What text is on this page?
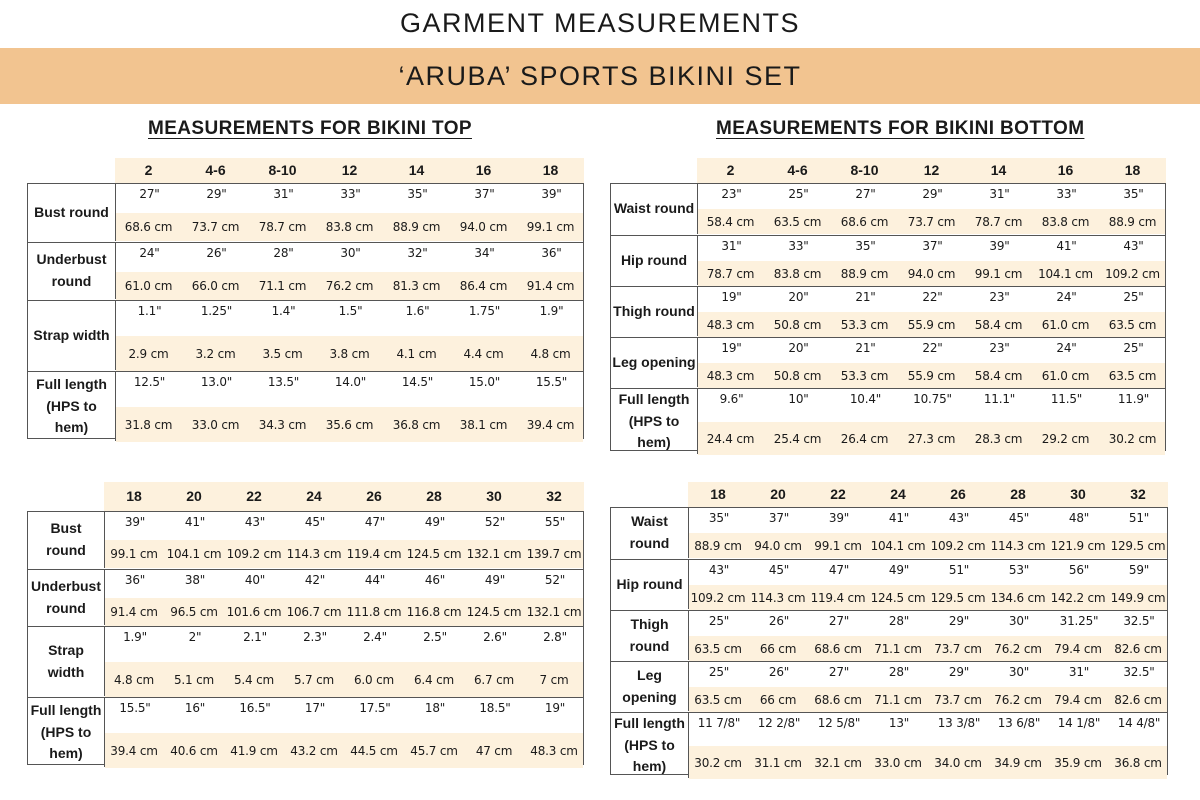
GARMENT MEASUREMENTS
‘ARUBA’ SPORTS BIKINI SET
MEASUREMENTS FOR BIKINI TOP	MEASUREMENTS FOR BIKINI BOTTOM
2	4-6	8-10	12	14	16	18
Bust round
27"	29"	31"	33"	35"	37"	39"
68.6 cm	73.7 cm	78.7 cm	83.8 cm	88.9 cm	94.0 cm	99.1 cm
Underbust round
24"	26"	28"	30"	32"	34"	36"
61.0 cm	66.0 cm	71.1 cm	76.2 cm	81.3 cm	86.4 cm	91.4 cm
Strap width
1.1"	1.25"	1.4"	1.5"	1.6"	1.75"	1.9"
2.9 cm	3.2 cm	3.5 cm	3.8 cm	4.1 cm	4.4 cm	4.8 cm
Full length (HPS to hem)
12.5"	13.0"	13.5"	14.0"	14.5"	15.0"	15.5"
31.8 cm	33.0 cm	34.3 cm	35.6 cm	36.8 cm	38.1 cm	39.4 cm
2	4-6	8-10	12	14	16	18
Waist round
23"	25"	27"	29"	31"	33"	35"
58.4 cm	63.5 cm	68.6 cm	73.7 cm	78.7 cm	83.8 cm	88.9 cm
Hip round
31"	33"	35"	37"	39"	41"	43"
78.7 cm	83.8 cm	88.9 cm	94.0 cm	99.1 cm	104.1 cm	109.2 cm
Thigh round
19"	20"	21"	22"	23"	24"	25"
48.3 cm	50.8 cm	53.3 cm	55.9 cm	58.4 cm	61.0 cm	63.5 cm
Leg opening
19"	20"	21"	22"	23"	24"	25"
48.3 cm	50.8 cm	53.3 cm	55.9 cm	58.4 cm	61.0 cm	63.5 cm
Full length (HPS to hem)
9.6"	10"	10.4"	10.75"	11.1"	11.5"	11.9"
24.4 cm	25.4 cm	26.4 cm	27.3 cm	28.3 cm	29.2 cm	30.2 cm
18	20	22	24	26	28	30	32
Bust round
39"	41"	43"	45"	47"	49"	52"	55"
99.1 cm 104.1 cm 109.2 cm 114.3 cm 119.4 cm 124.5 cm 132.1 cm 139.7 cm
Underbust round
36"	38"	40"	42"	44"	46"	49"	52"
91.4 cm	96.5 cm 101.6 cm 106.7 cm 111.8 cm 116.8 cm 124.5 cm 132.1 cm
Strap width
1.9"	2"	2.1"	2.3"	2.4"	2.5"	2.6"	2.8"
4.8 cm	5.1 cm	5.4 cm	5.7 cm	6.0 cm	6.4 cm	6.7 cm	7 cm
Full length (HPS to hem)
15.5"	16"	16.5"	17"	17.5"	18"	18.5"	19"
39.4 cm	40.6 cm	41.9 cm	43.2 cm	44.5 cm	45.7 cm	47 cm	48.3 cm
18	20	22	24	26	28	30	32
Waist round
35"	37"	39"	41"	43"	45"	48"	51"
88.9 cm	94.0 cm	99.1 cm 104.1 cm 109.2 cm 114.3 cm 121.9 cm 129.5 cm
Hip round
43"	45"	47"	49"	51"	53"	56"	59"
109.2 cm 114.3 cm 119.4 cm 124.5 cm 129.5 cm 134.6 cm 142.2 cm 149.9 cm
Thigh round
25"	26"	27"	28"	29"	30"	31.25"	32.5"
63.5 cm	66 cm	68.6 cm	71.1 cm	73.7 cm	76.2 cm	79.4 cm	82.6 cm
Leg opening
25"	26"	27"	28"	29"	30"	31"	32.5"
63.5 cm	66 cm	68.6 cm	71.1 cm	73.7 cm	76.2 cm	79.4 cm	82.6 cm
Full length (HPS to hem)
11 7/8"	12 2/8"	12 5/8"	13"	13 3/8"	13 6/8"	14 1/8"	14 4/8"
30.2 cm	31.1 cm	32.1 cm	33.0 cm	34.0 cm	34.9 cm	35.9 cm	36.8 cm
